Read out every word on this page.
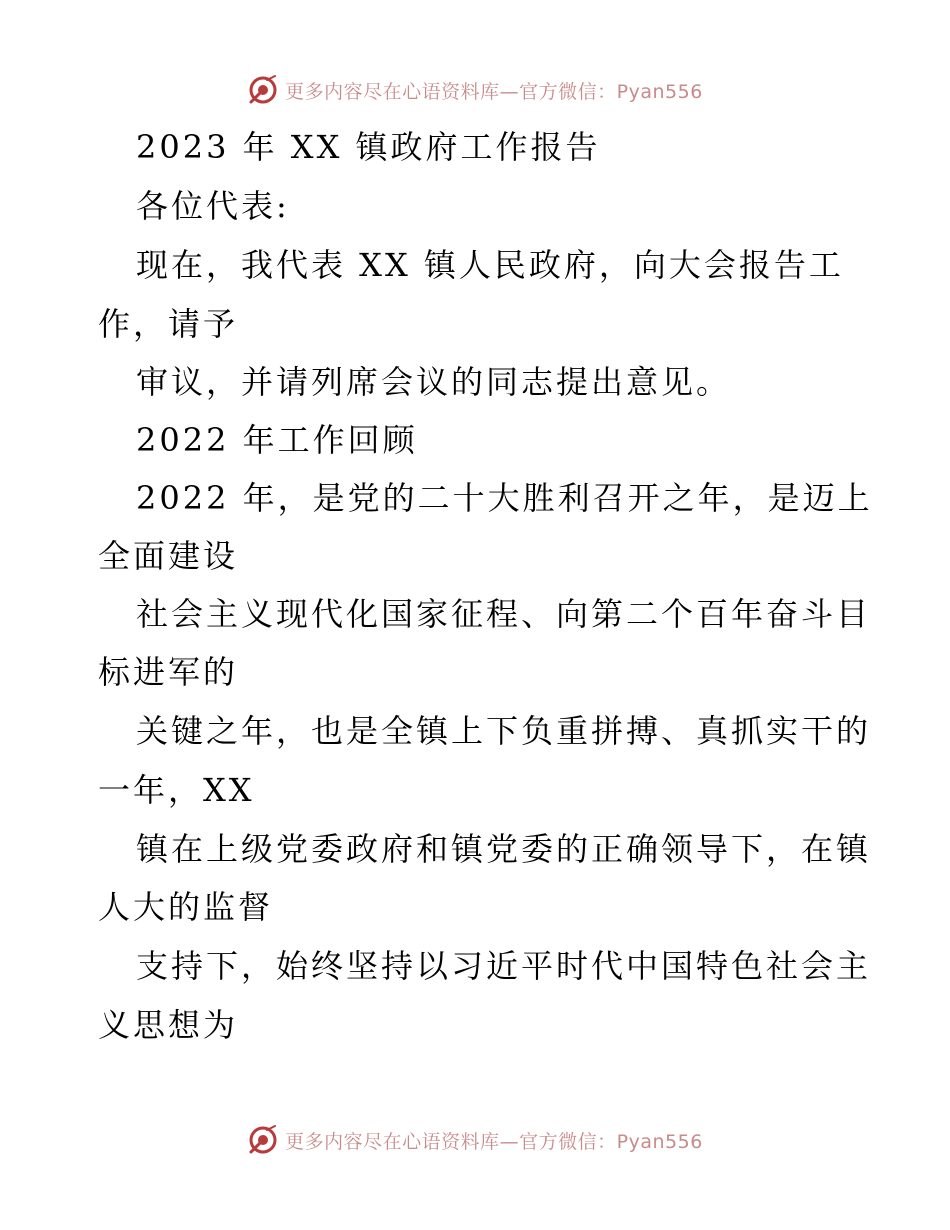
更多内容尽在心语资料库—官方微信：Pyan556
2023 年 XX 镇政府工作报告
各位代表:
现在，我代表 XX 镇人民政府，向大会报告工
作，请予
审议，并请列席会议的同志提出意见。
2022 年工作回顾
2022 年，是党的二十大胜利召开之年，是迈上
全面建设
社会主义现代化国家征程、向第二个百年奋斗目
标进军的
关键之年，也是全镇上下负重拼搏、真抓实干的
一年，XX
镇在上级党委政府和镇党委的正确领导下，在镇
人大的监督
支持下，始终坚持以习近平时代中国特色社会主
义思想为
更多内容尽在心语资料库—官方微信：Pyan556
